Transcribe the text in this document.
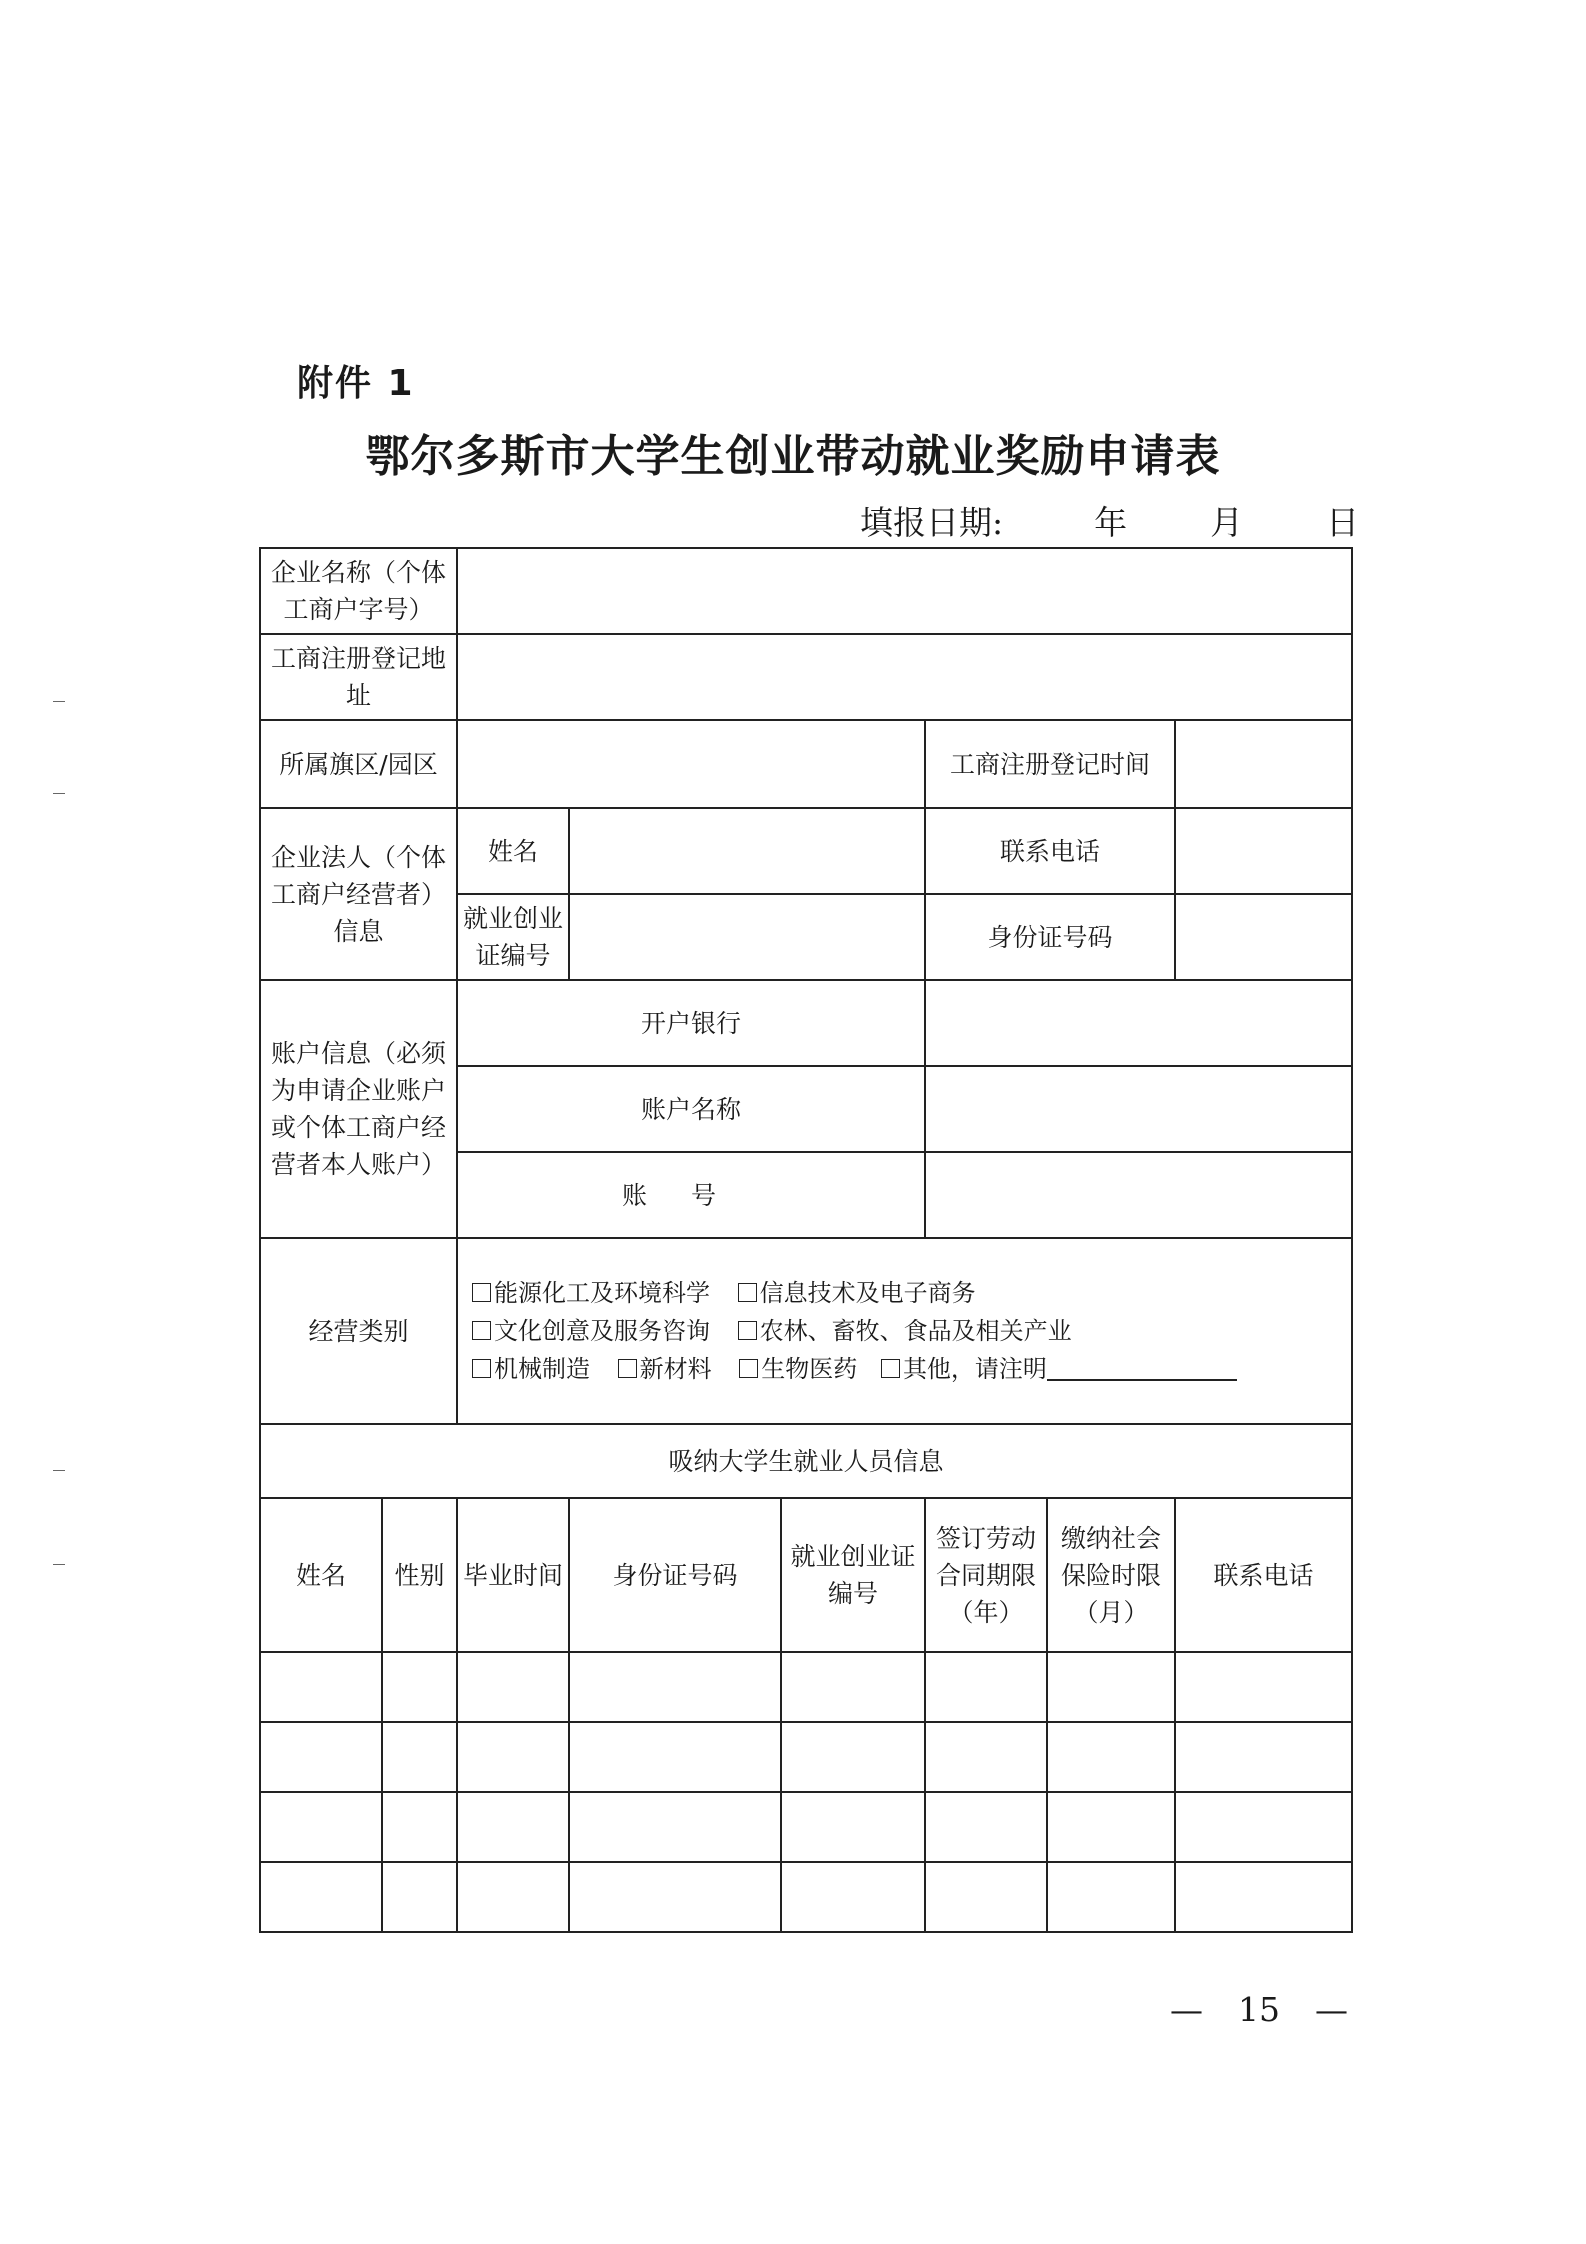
附件 1
鄂尔多斯市大学生创业带动就业奖励申请表
填报日期:	年	月	日
企业名称（个体工商户字号）							
工商注册登记地址							
所属旗区/园区					工商注册登记时间		
企业法人（个体工商户经营者）信息		姓名			联系电话		
		就业创业证编号			身份证号码		
账户信息（必须为申请企业账户或个体工商户经营者本人账户）		开户银行					
		账户名称					
		账号					
经营类别		能源化工及环境科学 信息技术及电子商务
文化创意及服务咨询 农林、畜牧、食品及相关产业
机械制造 新材料 生物医药 其他，请注明					

吸纳大学生就业人员信息							
姓名	性别	毕业时间	身份证号码	就业创业证编号	签订劳动合同期限（年）	缴纳社会保险时限（月）	联系电话

— 15 —
